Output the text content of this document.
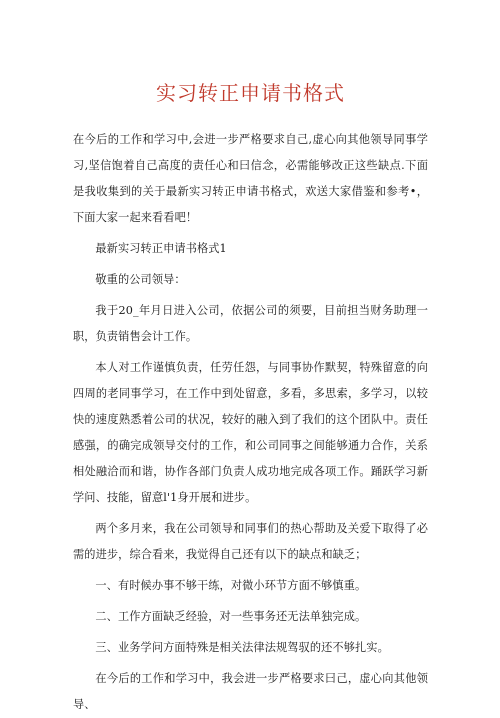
实习转正申请书格式

在今后的工作和学习中,会进一步严格要求自己,虚心向其他领导同事学习,坚信饱着自己高度的责任心和曰信念，必需能够改正这些缺点.下面是我收集到的关于最新实习转正申请书格式，欢送大家借鉴和参考•，下面大家一起来看看吧！

最新实习转正申请书格式1

敬重的公司领导：

我于20_年月日进入公司，依据公司的须要，目前担当财务助理一职，负责销售会计工作。

本人对工作谨慎负责，任劳任怨，与同事协作默契，特殊留意的向四周的老同事学习，在工作中到处留意，多看，多思索，多学习，以较快的速度熟悉着公司的状况，较好的融入到了我们的这个团队中。责任感强，的确完成领导交付的工作，和公司同事之间能够通力合作，关系相处融洽而和谐，协作各部门负责人成功地完成各项工作。踊跃学习新学问、技能，留意l'1身开展和进步。

两个多月来，我在公司领导和同事们的热心帮助及关爱下取得了必需的进步，综合看来，我觉得自己还有以下的缺点和缺乏；

一、有时候办事不够干练，对微小环节方面不够慎重。

二、工作方面缺乏经验，对一些事务还无法单独完成。

三、业务学问方面特殊是相关法律法规驾驭的还不够扎实。

在今后的工作和学习中，我会进一步严格要求曰己，虚心向其他领导、
